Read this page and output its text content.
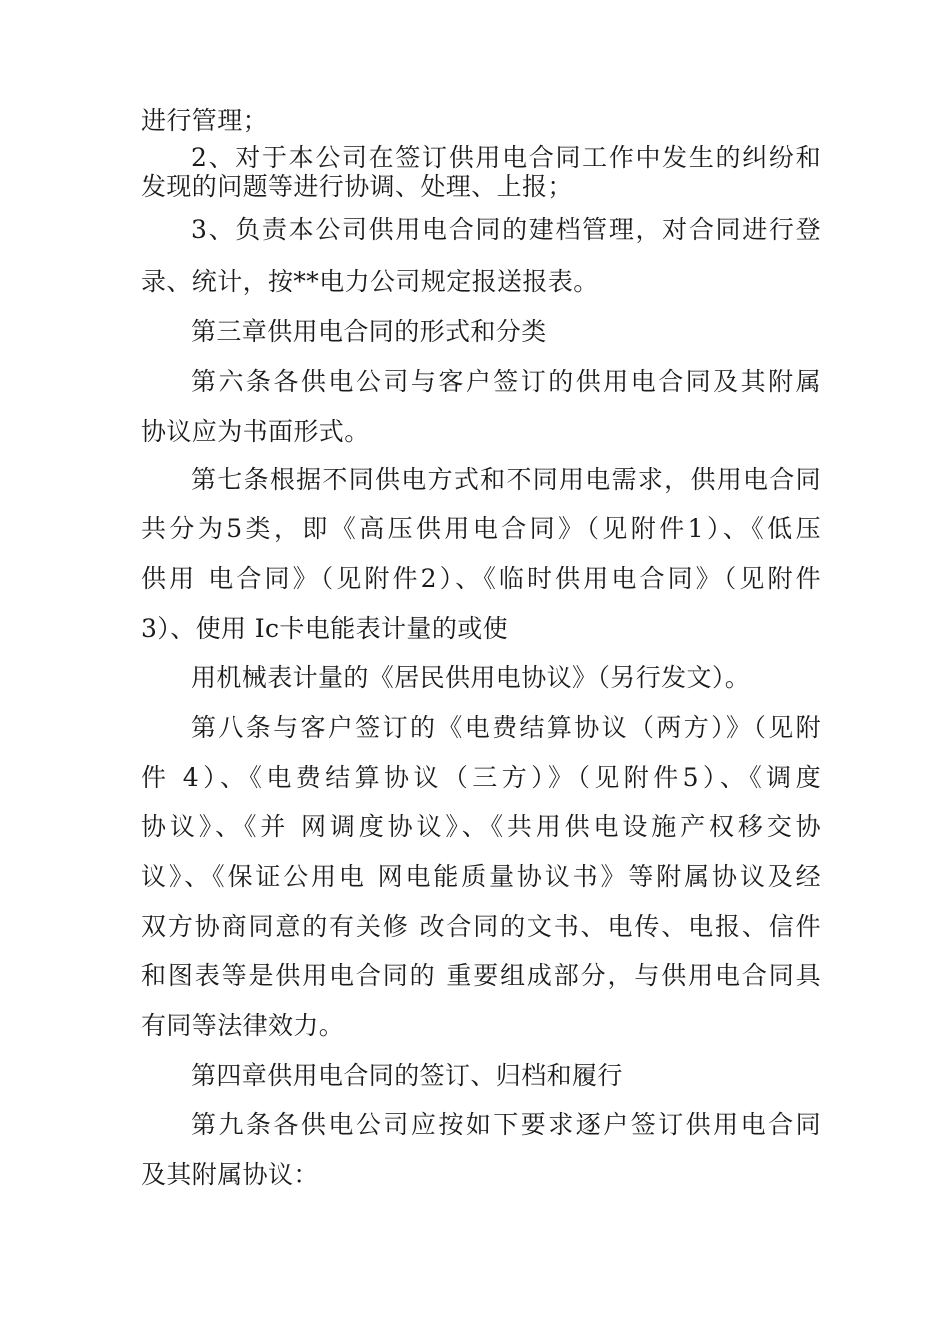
进行管理；

2、对于本公司在签订供用电合同工作中发生的纠纷和

发现的问题等进行协调、处理、上报；

3、负责本公司供用电合同的建档管理，对合同进行登

录、统计，按**电力公司规定报送报表。

第三章供用电合同的形式和分类

第六条各供电公司与客户签订的供用电合同及其附属

协议应为书面形式。

第七条根据不同供电方式和不同用电需求，供用电合同

共分为5类，即《高压供用电合同》（见附件1）、《低压

供用 电合同》（见附件2）、《临时供用电合同》（见附件

3）、使用 Ic卡电能表计量的或使

用机械表计量的《居民供用电协议》（另行发文）。

第八条与客户签订的《电费结算协议（两方）》（见附

件 4）、《电费结算协议（三方）》（见附件5）、《调度

协议》、《并 网调度协议》、《共用供电设施产权移交协

议》、《保证公用电 网电能质量协议书》等附属协议及经

双方协商同意的有关修 改合同的文书、电传、电报、信件

和图表等是供用电合同的 重要组成部分，与供用电合同具

有同等法律效力。

第四章供用电合同的签订、归档和履行

第九条各供电公司应按如下要求逐户签订供用电合同

及其附属协议：
